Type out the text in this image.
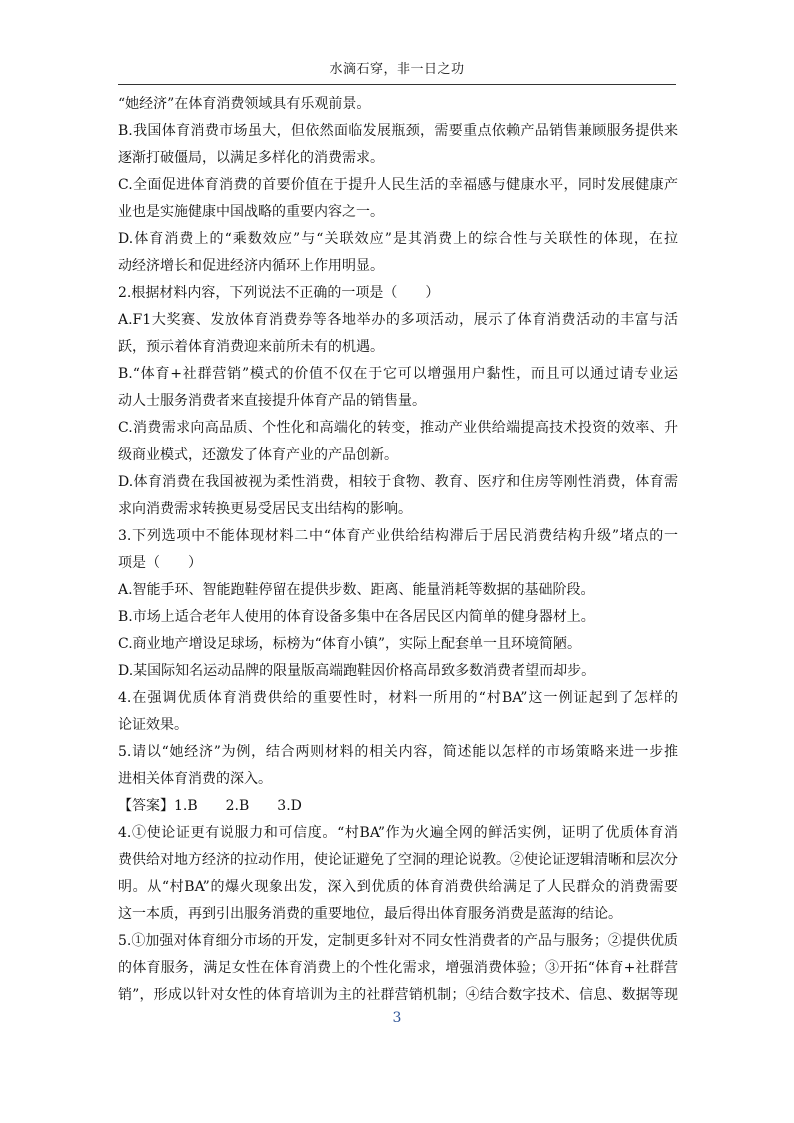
水滴石穿，非一日之功
“她经济”在体育消费领域具有乐观前景。
B.我国体育消费市场虽大，但依然面临发展瓶颈，需要重点依赖产品销售兼顾服务提供来
逐渐打破僵局，以满足多样化的消费需求。
C.全面促进体育消费的首要价值在于提升人民生活的幸福感与健康水平，同时发展健康产
业也是实施健康中国战略的重要内容之一。
D.体育消费上的“乘数效应”与“关联效应”是其消费上的综合性与关联性的体现，在拉
动经济增长和促进经济内循环上作用明显。
2.根据材料内容，下列说法不正确的一项是（　　）
A.F1大奖赛、发放体育消费券等各地举办的多项活动，展示了体育消费活动的丰富与活
跃，预示着体育消费迎来前所未有的机遇。
B.“体育+社群营销”模式的价值不仅在于它可以增强用户黏性，而且可以通过请专业运
动人士服务消费者来直接提升体育产品的销售量。
C.消费需求向高品质、个性化和高端化的转变，推动产业供给端提高技术投资的效率、升
级商业模式，还激发了体育产业的产品创新。
D.体育消费在我国被视为柔性消费，相较于食物、教育、医疗和住房等刚性消费，体育需
求向消费需求转换更易受居民支出结构的影响。
3.下列选项中不能体现材料二中“体育产业供给结构滞后于居民消费结构升级”堵点的一
项是（　　）
A.智能手环、智能跑鞋停留在提供步数、距离、能量消耗等数据的基础阶段。
B.市场上适合老年人使用的体育设备多集中在各居民区内简单的健身器材上。
C.商业地产增设足球场，标榜为“体育小镇”，实际上配套单一且环境简陋。
D.某国际知名运动品牌的限量版高端跑鞋因价格高昂致多数消费者望而却步。
4.在强调优质体育消费供给的重要性时，材料一所用的“村BA”这一例证起到了怎样的
论证效果。
5.请以“她经济”为例，结合两则材料的相关内容，简述能以怎样的市场策略来进一步推
进相关体育消费的深入。
【答案】1.B　　2.B　　3.D
4.①使论证更有说服力和可信度。“村BA”作为火遍全网的鲜活实例，证明了优质体育消
费供给对地方经济的拉动作用，使论证避免了空洞的理论说教。②使论证逻辑清晰和层次分
明。从“村BA”的爆火现象出发，深入到优质的体育消费供给满足了人民群众的消费需要
这一本质，再到引出服务消费的重要地位，最后得出体育服务消费是蓝海的结论。
5.①加强对体育细分市场的开发，定制更多针对不同女性消费者的产品与服务；②提供优质
的体育服务，满足女性在体育消费上的个性化需求，增强消费体验；③开拓“体育+社群营
销”，形成以针对女性的体育培训为主的社群营销机制；④结合数字技术、信息、数据等现
3
